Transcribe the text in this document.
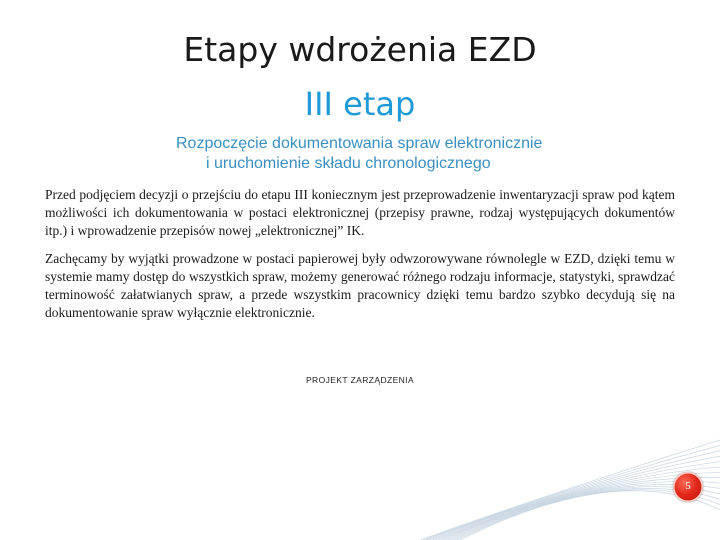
Etapy wdrożenia EZD
III etap
Rozpoczęcie dokumentowania spraw elektronicznie
i uruchomienie składu chronologicznego
Przed podjęciem decyzji o przejściu do etapu III koniecznym jest przeprowadzenie inwentaryzacji spraw pod kątem możliwości ich dokumentowania w postaci elektronicznej (przepisy prawne, rodzaj występujących dokumentów itp.) i wprowadzenie przepisów nowej „elektronicznej” IK.
Zachęcamy by wyjątki prowadzone w postaci papierowej były odwzorowywane równolegle w EZD, dzięki temu w systemie mamy dostęp do wszystkich spraw, możemy generować różnego rodzaju informacje, statystyki, sprawdzać terminowość załatwianych spraw, a przede wszystkim pracownicy dzięki temu bardzo szybko decydują się na dokumentowanie spraw wyłącznie elektronicznie.
PROJEKT ZARZĄDZENIA
5
